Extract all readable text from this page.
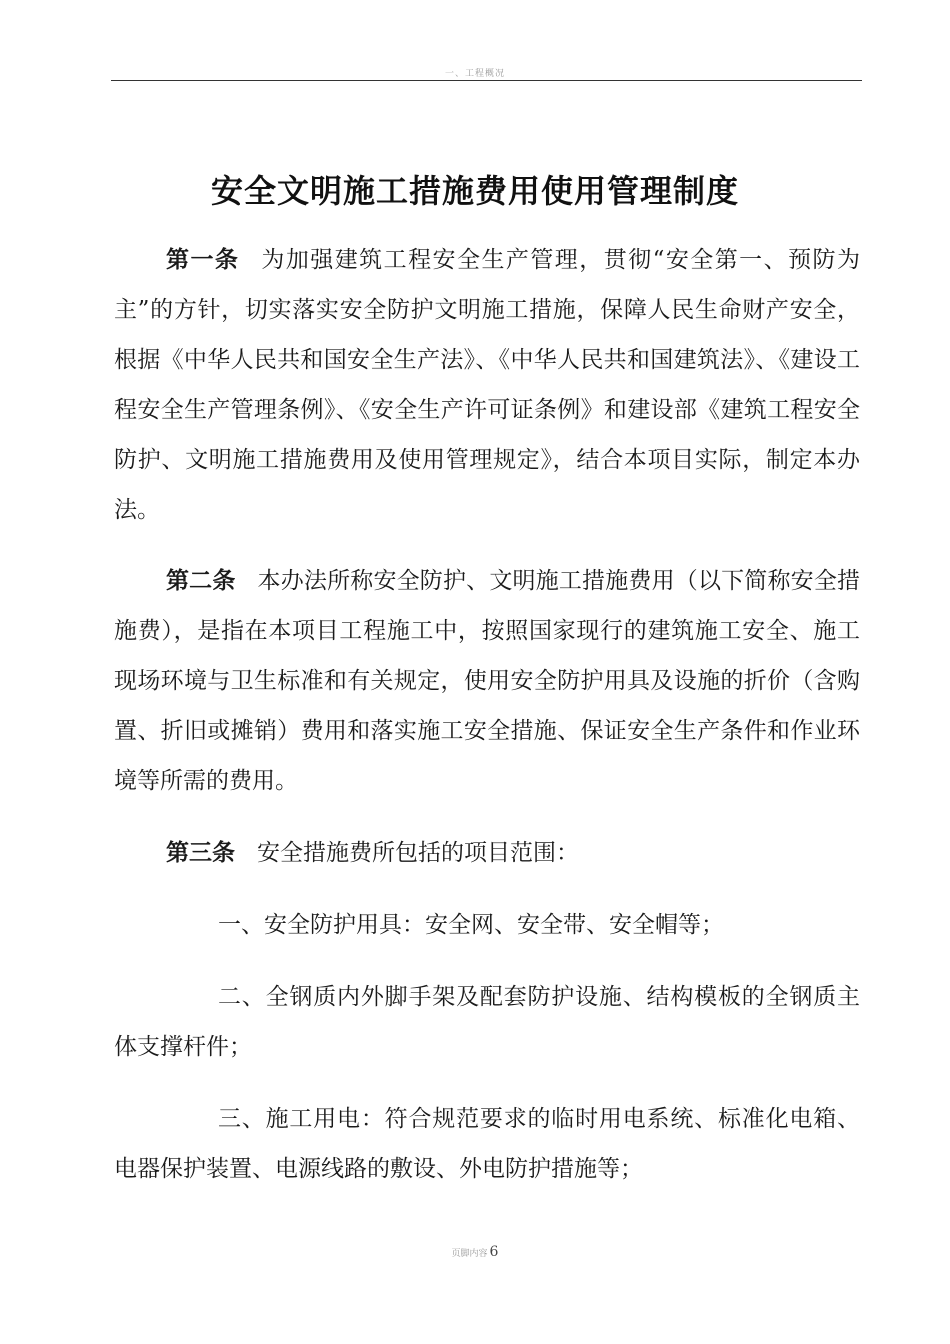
一、工程概况
安全文明施工措施费用使用管理制度

第一条 为加强建筑工程安全生产管理，贯彻“安全第一、预防为主”的方针，切实落实安全防护文明施工措施，保障人民生命财产安全，根据《中华人民共和国安全生产法》、《中华人民共和国建筑法》、《建设工程安全生产管理条例》、《安全生产许可证条例》和建设部《建筑工程安全防护、文明施工措施费用及使用管理规定》，结合本项目实际，制定本办法。

第二条 本办法所称安全防护、文明施工措施费用（以下简称安全措施费），是指在本项目工程施工中，按照国家现行的建筑施工安全、施工现场环境与卫生标准和有关规定，使用安全防护用具及设施的折价（含购置、折旧或摊销）费用和落实施工安全措施、保证安全生产条件和作业环境等所需的费用。

第三条 安全措施费所包括的项目范围：

一、安全防护用具：安全网、安全带、安全帽等；

二、全钢质内外脚手架及配套防护设施、结构模板的全钢质主体支撑杆件；

三、施工用电：符合规范要求的临时用电系统、标准化电箱、电器保护装置、电源线路的敷设、外电防护措施等；

页脚内容 6
